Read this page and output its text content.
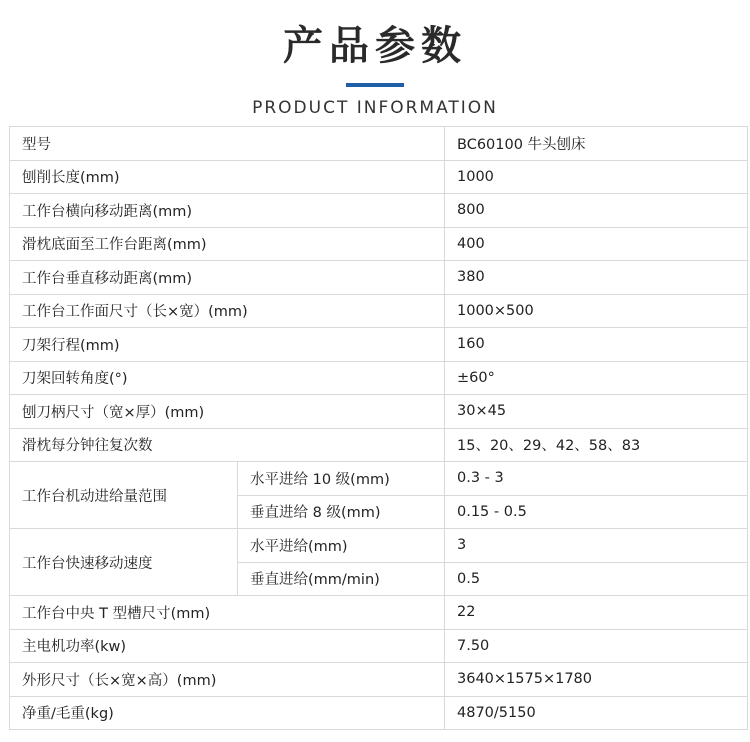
产品参数
PRODUCT INFORMATION
型号		BC60100 牛头刨床
刨削长度(mm)		1000
工作台横向移动距离(mm)		800
滑枕底面至工作台距离(mm)		400
工作台垂直移动距离(mm)		380
工作台工作面尺寸（长×宽）(mm)		1000×500
刀架行程(mm)		160
刀架回转角度(°)		±60°
刨刀柄尺寸（宽×厚）(mm)		30×45
滑枕每分钟往复次数		15、20、29、42、58、83
工作台机动进给量范围	水平进给 10 级(mm)	0.3 - 3
	垂直进给 8 级(mm)	0.15 - 0.5
工作台快速移动速度	水平进给(mm)	3
	垂直进给(mm/min)	0.5
工作台中央 T 型槽尺寸(mm)		22
主电机功率(kw)		7.50
外形尺寸（长×宽×高）(mm)		3640×1575×1780
净重/毛重(kg)		4870/5150
